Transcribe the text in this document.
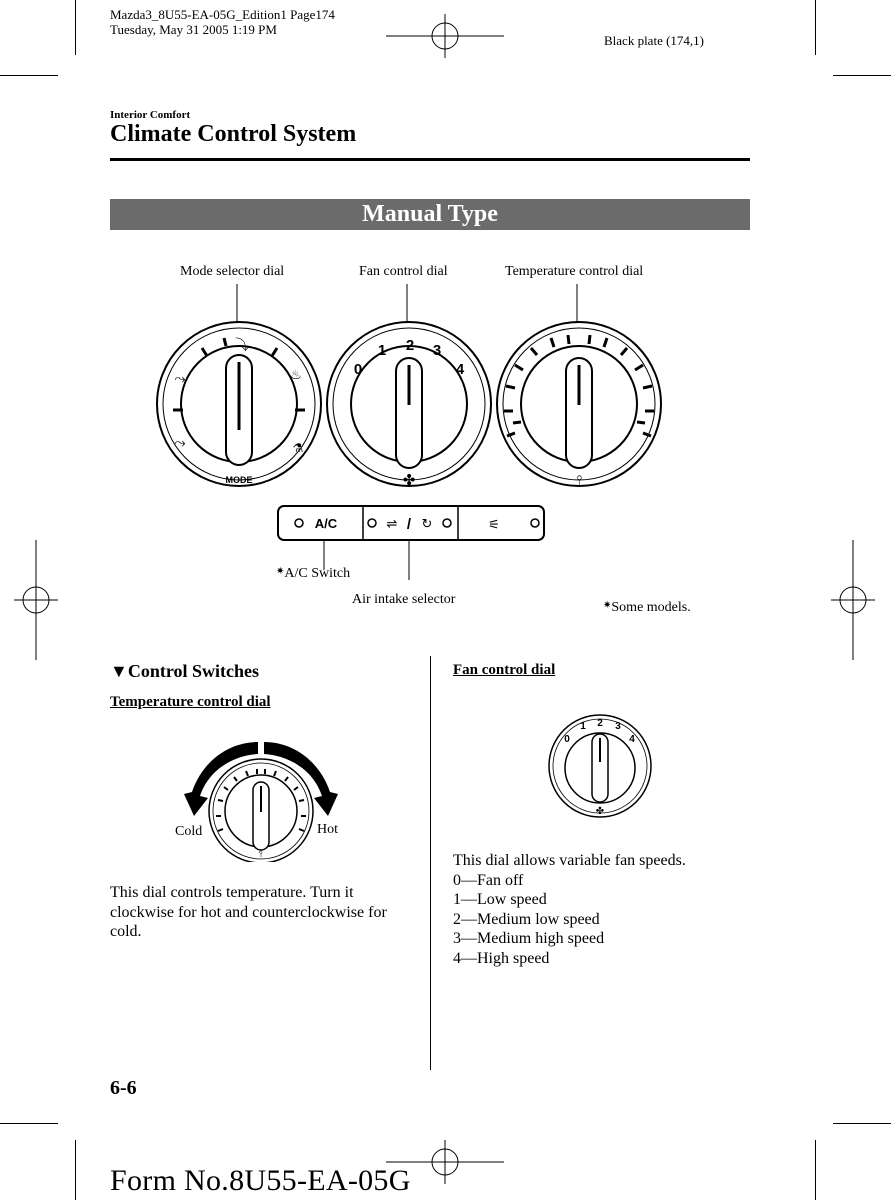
Mazda3_8U55-EA-05G_Edition1 Page174
Tuesday, May 31 2005 1:19 PM
Black plate (174,1)
Interior Comfort
Climate Control System
Manual Type
Mode selector dial	Fan control dial	Temperature control dial
✷A/C Switch
Air intake selector	✷Some models.
MODE
⤳
⤳
⤵
♨
⚗
0
1 2 3
4
✤	⫯
A/C	⇌ / ↻	⚟
▼Control Switches
Temperature control dial
⫯
Cold	Hot
This dial controls temperature. Turn it clockwise for hot and counterclockwise for cold.
Fan control dial
0
1 2 3
4
✤
This dial allows variable fan speeds.
0—Fan off
1—Low speed
2—Medium low speed
3—Medium high speed
4—High speed
6-6
Form No.8U55-EA-05G
